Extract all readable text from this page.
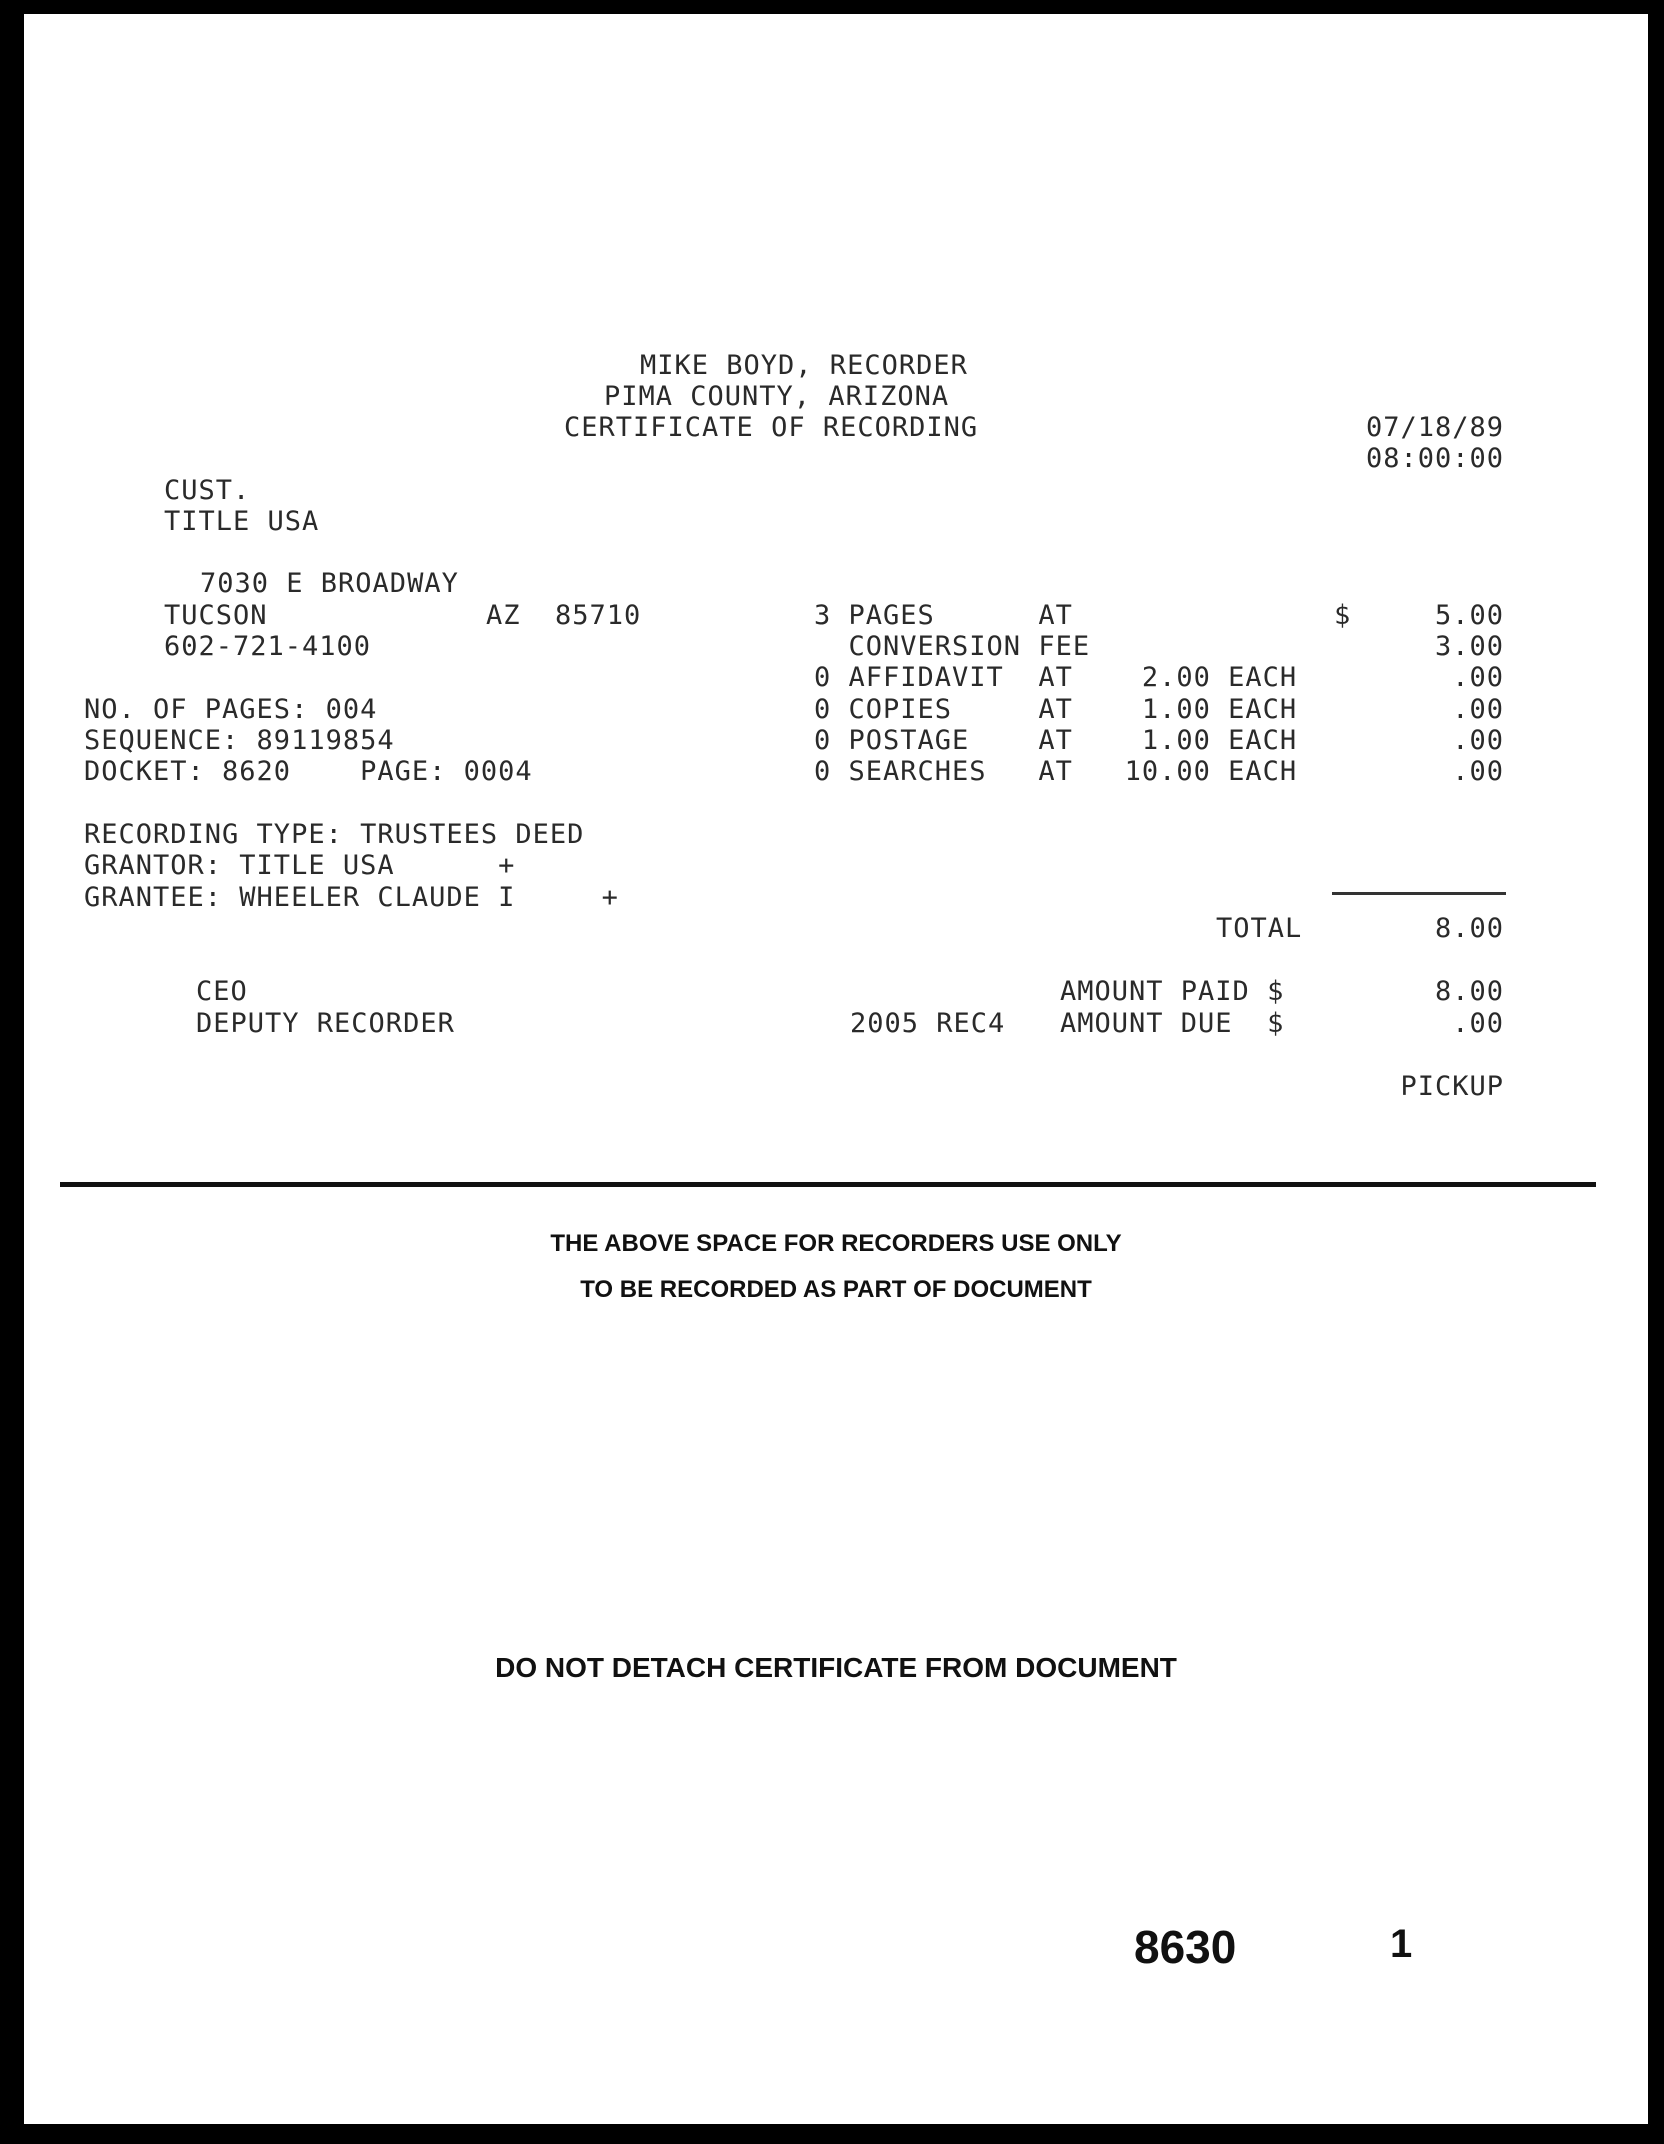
MIKE BOYD, RECORDER
PIMA COUNTY, ARIZONA
CERTIFICATE OF RECORDING	07/18/89
08:00:00
CUST.
TITLE USA
7030 E BROADWAY
TUCSON	AZ  85710
602-721-4100
NO. OF PAGES: 004
SEQUENCE: 89119854
DOCKET: 8620    PAGE: 0004
3 PAGES      AT	$	5.00
CONVERSION FEE	3.00
0 AFFIDAVIT  AT    2.00 EACH	.00
0 COPIES     AT    1.00 EACH	.00
0 POSTAGE    AT    1.00 EACH	.00
0 SEARCHES   AT   10.00 EACH	.00
RECORDING TYPE: TRUSTEES DEED
GRANTOR: TITLE USA      +
GRANTEE: WHEELER CLAUDE I     +
TOTAL	8.00
CEO	AMOUNT PAID $	8.00
DEPUTY RECORDER	2005 REC4 AMOUNT DUE  $	.00
PICKUP
THE ABOVE SPACE FOR RECORDERS USE ONLY
TO BE RECORDED AS PART OF DOCUMENT
DO NOT DETACH CERTIFICATE FROM DOCUMENT
8630	1
